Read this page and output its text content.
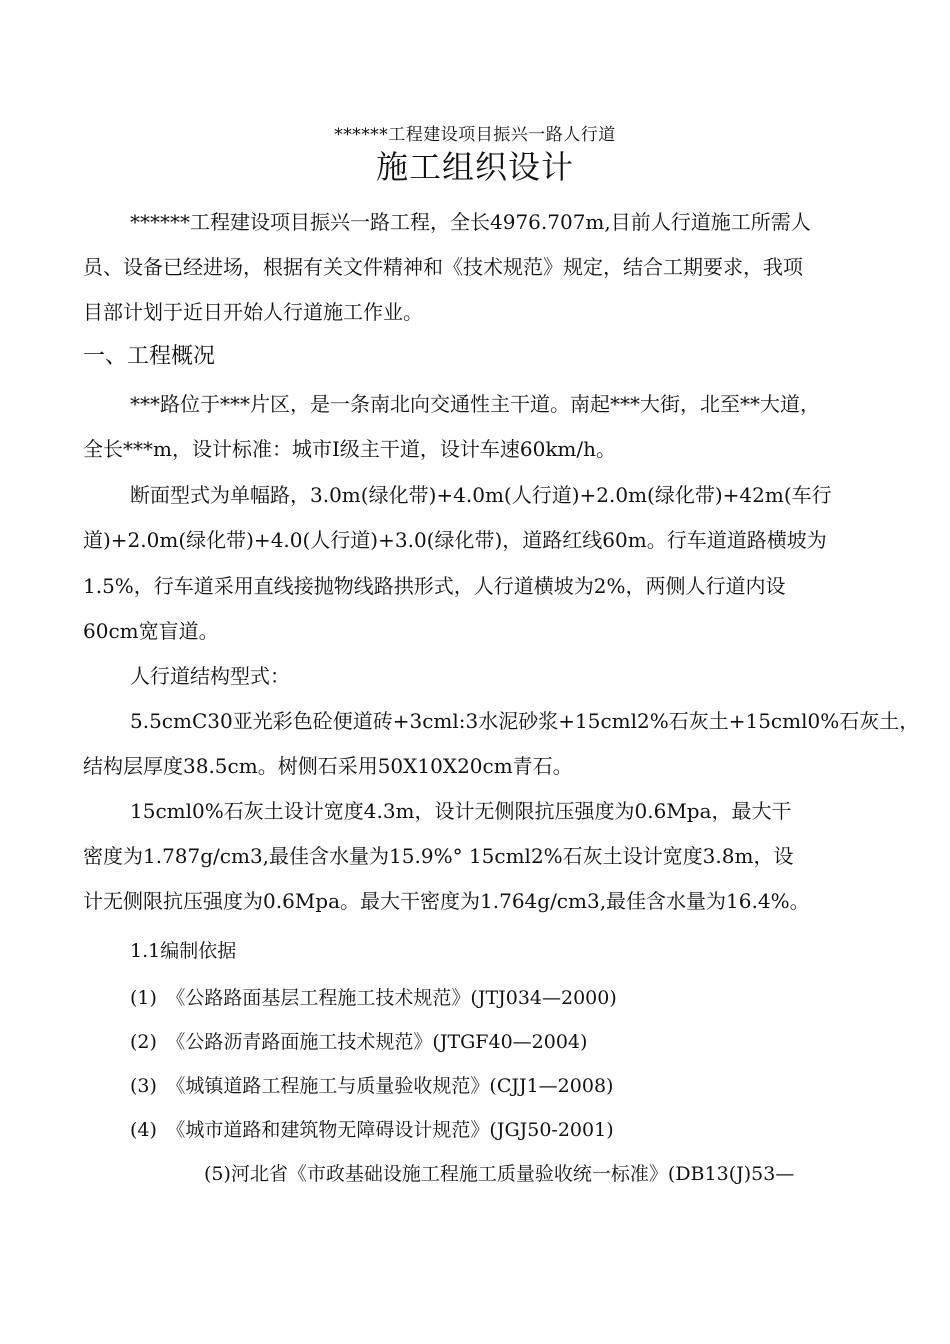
******工程建设项目振兴一路人行道
施工组织设计
******工程建设项目振兴一路工程，全长4976.707m,目前人行道施工所需人
员、设备已经进场，根据有关文件精神和《技术规范》规定，结合工期要求，我项
目部计划于近日开始人行道施工作业。
一、工程概况
***路位于***片区，是一条南北向交通性主干道。南起***大街，北至**大道，
全长***m，设计标准：城市Ⅰ级主干道，设计车速60km/h。
断面型式为单幅路，3.0m(绿化带)+4.0m(人行道)+2.0m(绿化带)+42m(车行
道)+2.0m(绿化带)+4.0(人行道)+3.0(绿化带)，道路红线60m。行车道道路横坡为
1.5%，行车道采用直线接抛物线路拱形式，人行道横坡为2%，两侧人行道内设
60cm宽盲道。
人行道结构型式：
5.5cmC30亚光彩色砼便道砖+3cml:3水泥砂浆+15cml2%石灰土+15cml0%石灰土，
结构层厚度38.5cm。树侧石采用50X10X20cm青石。
15cml0%石灰土设计宽度4.3m，设计无侧限抗压强度为0.6Mpa，最大干
密度为1.787g/cm3,最佳含水量为15.9%° 15cml2%石灰土设计宽度3.8m，设
计无侧限抗压强度为0.6Mpa。最大干密度为1.764g/cm3,最佳含水量为16.4%。
1.1编制依据
(1)　《公路路面基层工程施工技术规范》(JTJ034—2000)
(2)　《公路沥青路面施工技术规范》(JTGF40—2004)
(3)　《城镇道路工程施工与质量验收规范》(CJJ1—2008)
(4)　《城市道路和建筑物无障碍设计规范》(JGJ50-2001)
(5)河北省《市政基础设施工程施工质量验收统一标准》(DB13(J)53—
